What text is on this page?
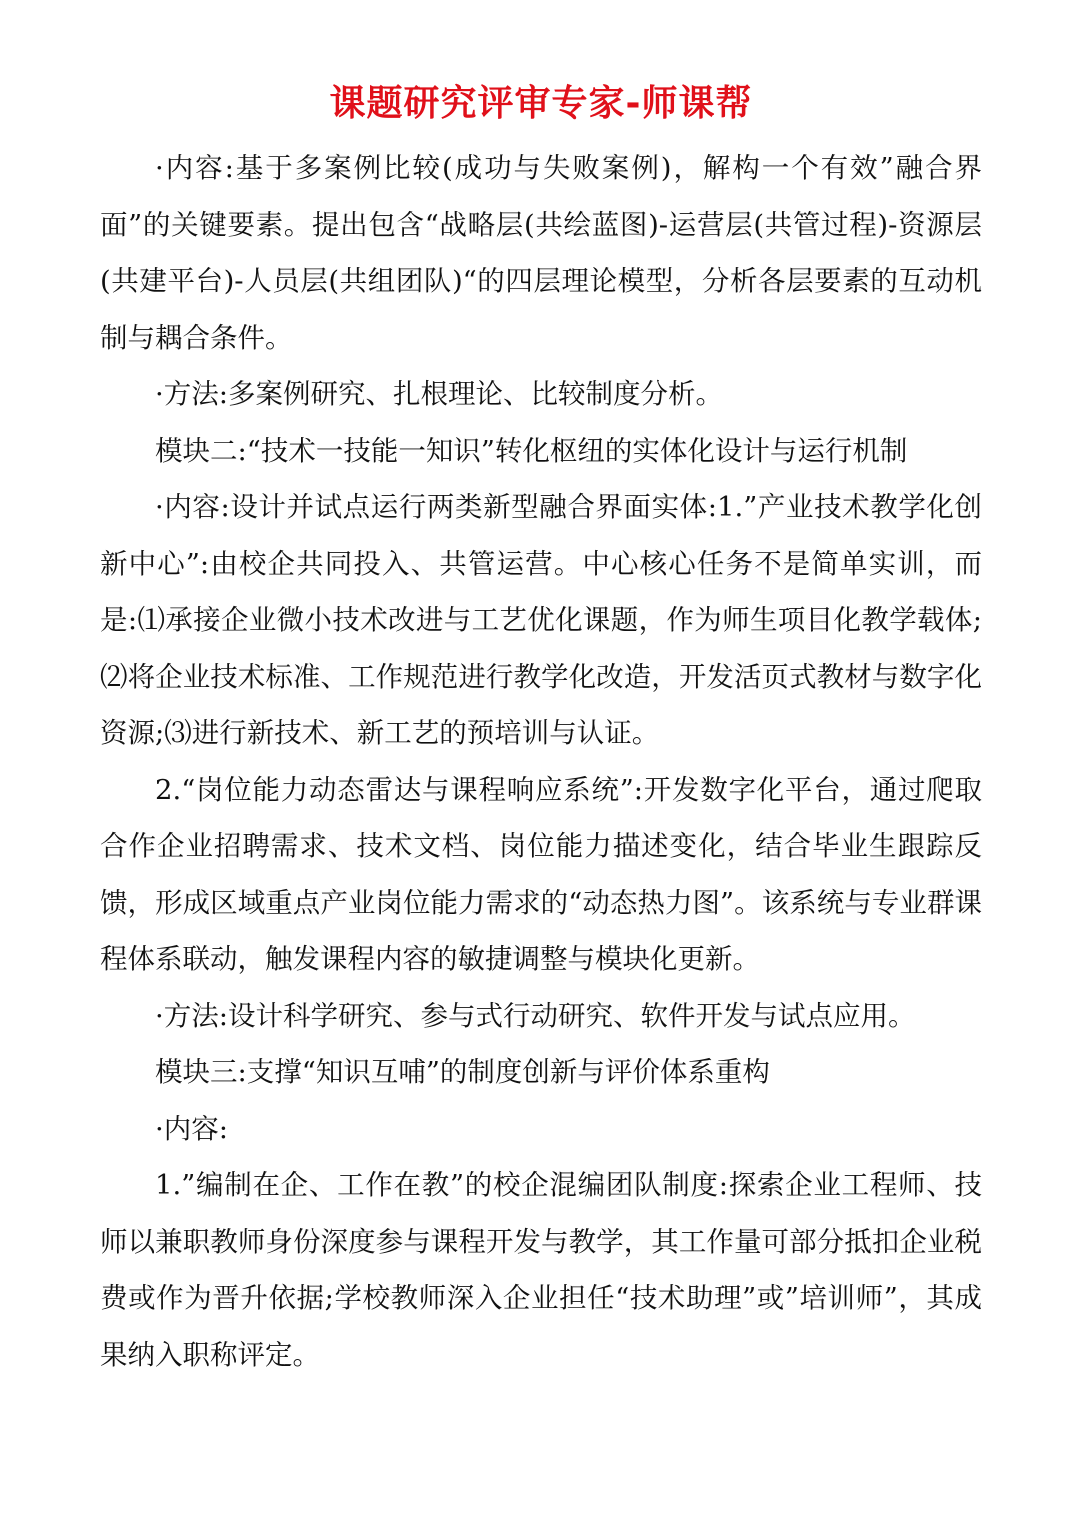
课题研究评审专家-师课帮

·内容:基于多案例比较(成功与失败案例)，解构一个有效”融合界面”的关键要素。提出包含“战略层(共绘蓝图)-运营层(共管过程)-资源层(共建平台)-人员层(共组团队)“的四层理论模型，分析各层要素的互动机制与耦合条件。

·方法:多案例研究、扎根理论、比较制度分析。

模块二:“技术一技能一知识”转化枢纽的实体化设计与运行机制

·内容:设计并试点运行两类新型融合界面实体:1.”产业技术教学化创新中心”:由校企共同投入、共管运营。中心核心任务不是简单实训，而是:⑴承接企业微小技术改进与工艺优化课题，作为师生项目化教学载体;⑵将企业技术标准、工作规范进行教学化改造，开发活页式教材与数字化资源;⑶进行新技术、新工艺的预培训与认证。

2.“岗位能力动态雷达与课程响应系统”:开发数字化平台，通过爬取合作企业招聘需求、技术文档、岗位能力描述变化，结合毕业生跟踪反馈，形成区域重点产业岗位能力需求的“动态热力图”。该系统与专业群课程体系联动，触发课程内容的敏捷调整与模块化更新。

·方法:设计科学研究、参与式行动研究、软件开发与试点应用。

模块三:支撑“知识互哺”的制度创新与评价体系重构

·内容:

1.”编制在企、工作在教”的校企混编团队制度:探索企业工程师、技师以兼职教师身份深度参与课程开发与教学，其工作量可部分抵扣企业税费或作为晋升依据;学校教师深入企业担任“技术助理”或”培训师”，其成果纳入职称评定。
